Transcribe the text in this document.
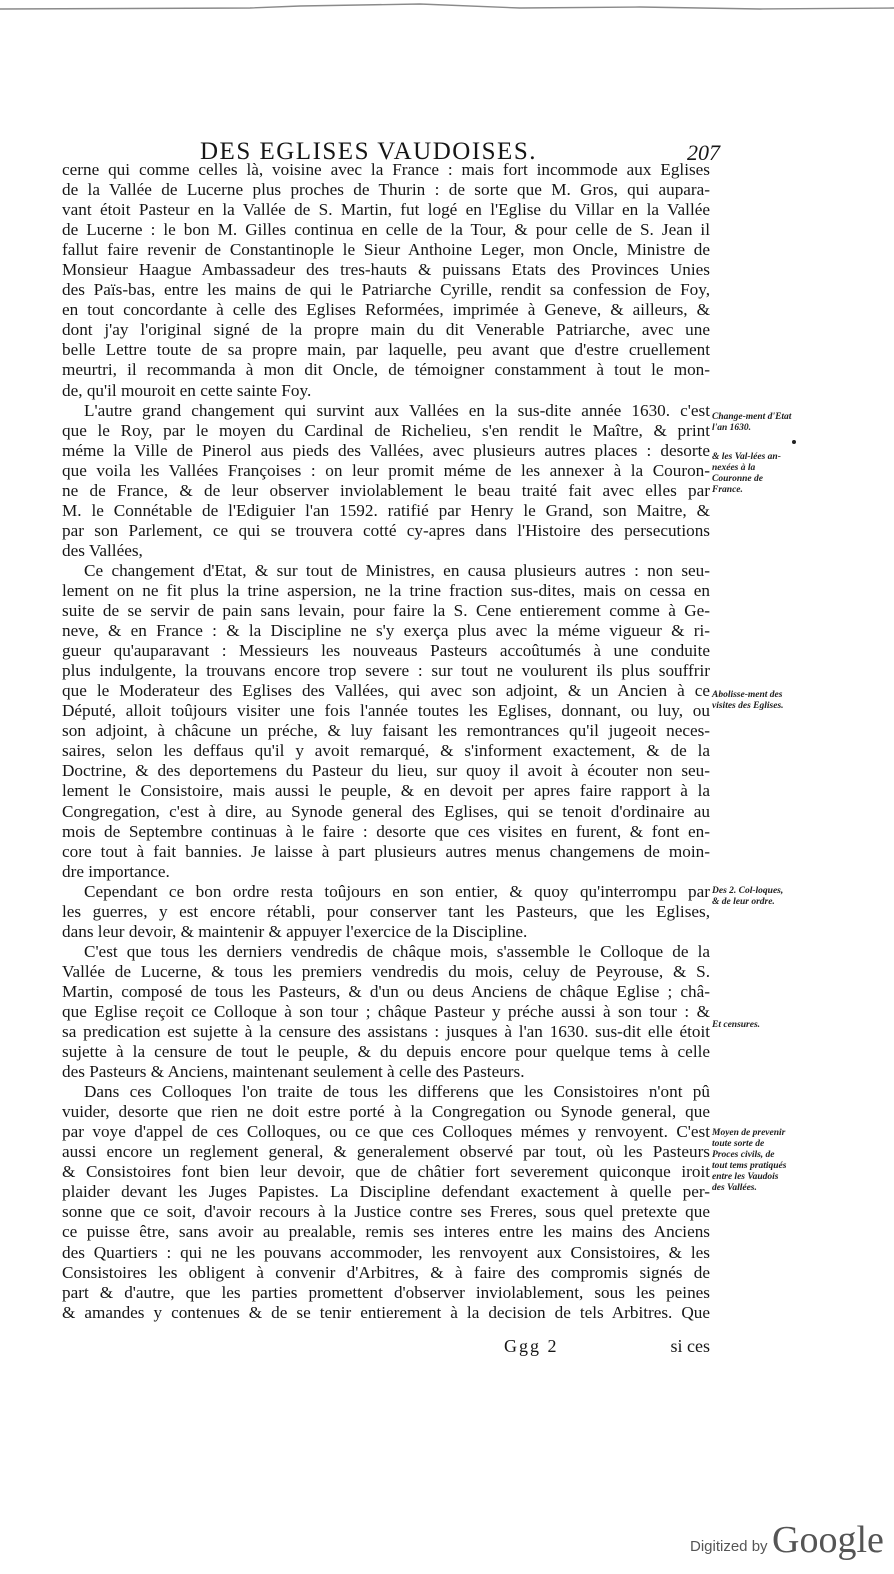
DES EGLISES VAUDOISES.	207
cerne qui comme celles là, voisine avec la France : mais fort incommode aux Eglises
de la Vallée de Lucerne plus proches de Thurin : de sorte que M. Gros, qui aupara-
vant étoit Pasteur en la Vallée de S. Martin, fut logé en l'Eglise du Villar en la Vallée
de Lucerne : le bon M. Gilles continua en celle de la Tour, & pour celle de S. Jean il
fallut faire revenir de Constantinople le Sieur Anthoine Leger, mon Oncle, Ministre de
Monsieur Haague Ambassadeur des tres-hauts & puissans Etats des Provinces Unies
des Païs-bas, entre les mains de qui le Patriarche Cyrille, rendit sa confession de Foy,
en tout concordante à celle des Eglises Reformées, imprimée à Geneve, & ailleurs, &
dont j'ay l'original signé de la propre main du dit Venerable Patriarche, avec une
belle Lettre toute de sa propre main, par laquelle, peu avant que d'estre cruellement
meurtri, il recommanda à mon dit Oncle, de témoigner constamment à tout le mon-
de, qu'il mouroit en cette sainte Foy.
L'autre grand changement qui survint aux Vallées en la sus-dite année 1630. c'est
que le Roy, par le moyen du Cardinal de Richelieu, s'en rendit le Maître, & print
méme la Ville de Pinerol aus pieds des Vallées, avec plusieurs autres places : desorte
que voila les Vallées Françoises : on leur promit méme de les annexer à la Couron-
ne de France, & de leur observer inviolablement le beau traité fait avec elles par
M. le Connétable de l'Ediguier l'an 1592. ratifié par Henry le Grand, son Maitre, &
par son Parlement, ce qui se trouvera cotté cy-apres dans l'Histoire des persecutions
des Vallées,
Ce changement d'Etat, & sur tout de Ministres, en causa plusieurs autres : non seu-
lement on ne fit plus la trine aspersion, ne la trine fraction sus-dites, mais on cessa en
suite de se servir de pain sans levain, pour faire la S. Cene entierement comme à Ge-
neve, & en France : & la Discipline ne s'y exerça plus avec la méme vigueur & ri-
gueur qu'auparavant : Messieurs les nouveaus Pasteurs accoûtumés à une conduite
plus indulgente, la trouvans encore trop severe : sur tout ne voulurent ils plus souffrir
que le Moderateur des Eglises des Vallées, qui avec son adjoint, & un Ancien à ce
Député, alloit toûjours visiter une fois l'année toutes les Eglises, donnant, ou luy, ou
son adjoint, à châcune un préche, & luy faisant les remontrances qu'il jugeoit neces-
saires, selon les deffaus qu'il y avoit remarqué, & s'informent exactement, & de la
Doctrine, & des deportemens du Pasteur du lieu, sur quoy il avoit à écouter non seu-
lement le Consistoire, mais aussi le peuple, & en devoit per apres faire rapport à la
Congregation, c'est à dire, au Synode general des Eglises, qui se tenoit d'ordinaire au
mois de Septembre continuas à le faire : desorte que ces visites en furent, & font en-
core tout à fait bannies. Je laisse à part plusieurs autres menus changemens de moin-
dre importance.
Cependant ce bon ordre resta toûjours en son entier, & quoy qu'interrompu par
les guerres, y est encore rétabli, pour conserver tant les Pasteurs, que les Eglises,
dans leur devoir, & maintenir & appuyer l'exercice de la Discipline.
C'est que tous les derniers vendredis de châque mois, s'assemble le Colloque de la
Vallée de Lucerne, & tous les premiers vendredis du mois, celuy de Peyrouse, & S.
Martin, composé de tous les Pasteurs, & d'un ou deus Anciens de châque Eglise ; châ-
que Eglise reçoit ce Colloque à son tour ; châque Pasteur y préche aussi à son tour : &
sa predication est sujette à la censure des assistans : jusques à l'an 1630. sus-dit elle étoit
sujette à la censure de tout le peuple, & du depuis encore pour quelque tems à celle
des Pasteurs & Anciens, maintenant seulement à celle des Pasteurs.
Dans ces Colloques l'on traite de tous les differens que les Consistoires n'ont pû
vuider, desorte que rien ne doit estre porté à la Congregation ou Synode general, que
par voye d'appel de ces Colloques, ou ce que ces Colloques mémes y renvoyent. C'est
aussi encore un reglement general, & generalement observé par tout, où les Pasteurs
& Consistoires font bien leur devoir, que de châtier fort severement quiconque iroit
plaider devant les Juges Papistes. La Discipline defendant exactement à quelle per-
sonne que ce soit, d'avoir recours à la Justice contre ses Freres, sous quel pretexte que
ce puisse être, sans avoir au prealable, remis ses interes entre les mains des Anciens
des Quartiers : qui ne les pouvans accommoder, les renvoyent aux Consistoires, & les
Consistoires les obligent à convenir d'Arbitres, & à faire des compromis signés de
part & d'autre, que les parties promettent d'observer inviolablement, sous les peines
& amandes y contenues & de se tenir entierement à la decision de tels Arbitres. Que
Change-ment d'Etat l'an 1630.
& les Val-lées an-nexées à la Couronne de France.
Abolisse-ment des visites des Eglises.
Des 2. Col-loques, & de leur ordre.
Et censures.
Moyen de prevenir toute sorte de Proces civils, de tout tems pratiqués entre les Vaudois des Vallées.
Ggg 2	si ces
Digitized by Google
